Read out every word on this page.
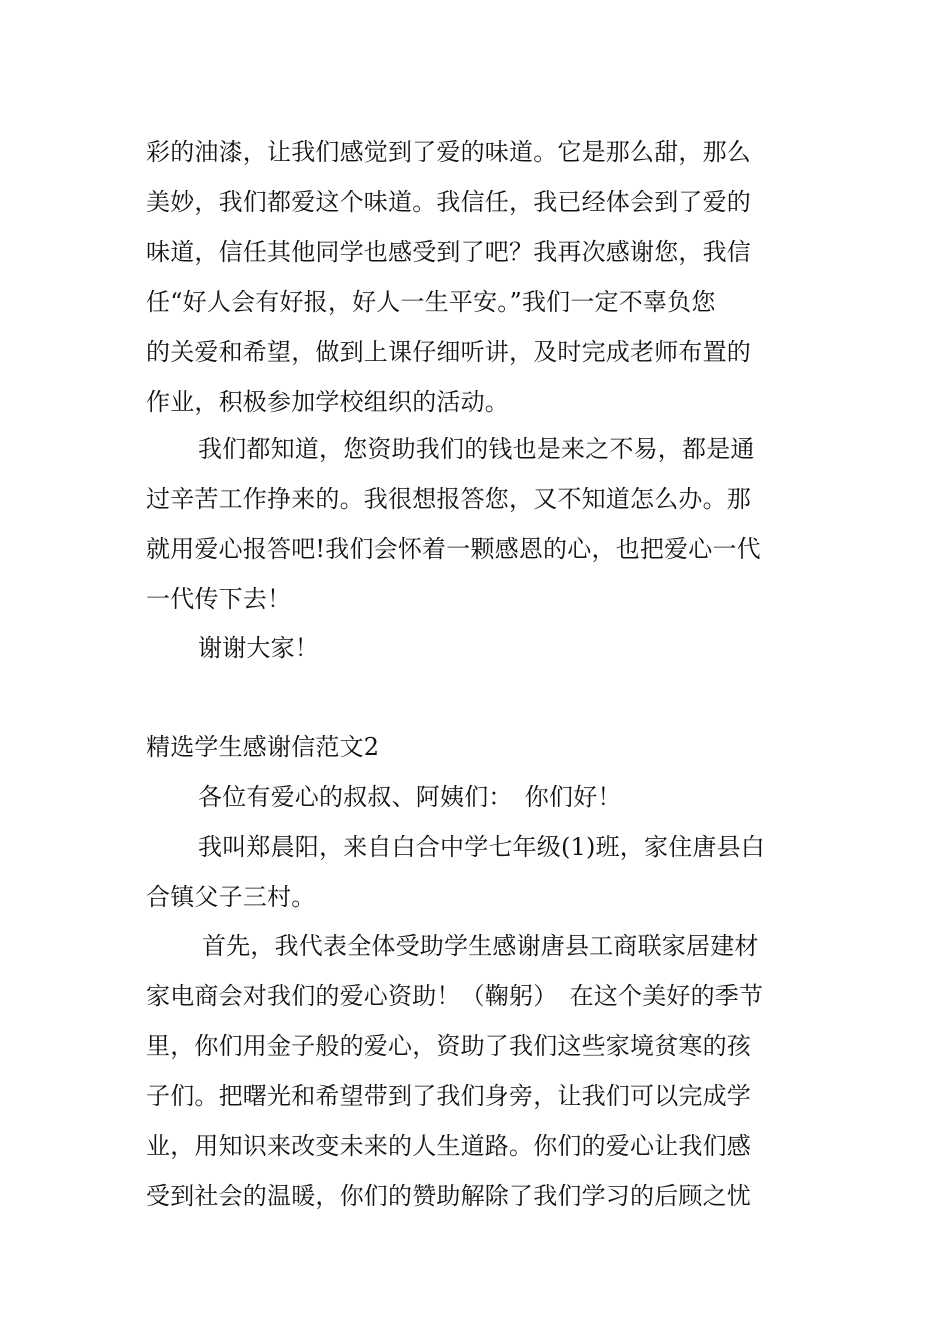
彩的油漆，让我们感觉到了爱的味道。它是那么甜，那么
美妙，我们都爱这个味道。我信任，我已经体会到了爱的
味道，信任其他同学也感受到了吧？我再次感谢您，我信
任“好人会有好报，好人一生平安。”我们一定不辜负您
的关爱和希望，做到上课仔细听讲，及时完成老师布置的
作业，积极参加学校组织的活动。
我们都知道，您资助我们的钱也是来之不易，都是通
过辛苦工作挣来的。我很想报答您，又不知道怎么办。那
就用爱心报答吧!我们会怀着一颗感恩的心，也把爱心一代
一代传下去！
谢谢大家！
精选学生感谢信范文2
各位有爱心的叔叔、阿姨们：　你们好！
我叫郑晨阳，来自白合中学七年级(1)班，家住唐县白
合镇父子三村。
首先，我代表全体受助学生感谢唐县工商联家居建材
家电商会对我们的爱心资助！（鞠躬）　在这个美好的季节
里，你们用金子般的爱心，资助了我们这些家境贫寒的孩
子们。把曙光和希望带到了我们身旁，让我们可以完成学
业，用知识来改变未来的人生道路。你们的爱心让我们感
受到社会的温暖，你们的赞助解除了我们学习的后顾之忧
